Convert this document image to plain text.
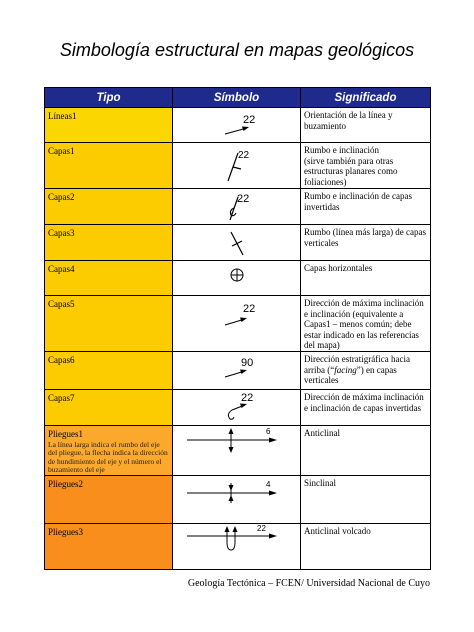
Simbología estructural en mapas geológicos
Tipo	Símbolo	Significado
Líneas1	22	Orientación de la línea y buzamiento
Capas1	22	Rumbo e inclinación
(sirve también para otras estructuras planares como foliaciones)
Capas2	22	Rumbo e inclinación de capas invertidas
Capas3		Rumbo (línea más larga) de capas verticales
Capas4		Capas horizontales
Capas5	22	Dirección de máxima inclinación e inclinación (equivalente a Capas1 – menos común; debe estar indicado en las referencias del mapa)
Capas6	90	Dirección estratigráfica hacia arriba (“facing”) en capas verticales
Capas7	22	Dirección de máxima inclinación e inclinación de capas invertidas

Pliegues1
La línea larga indica el rumbo del eje del pliegue, la flecha indica la dirección de hundimiento del eje y el número el buzamiento del eje	6	Anticlinal
Pliegues2	4	Sinclinal
Pliegues3	22	Anticlinal volcado
Geología Tectónica – FCEN/ Universidad Nacional de Cuyo
